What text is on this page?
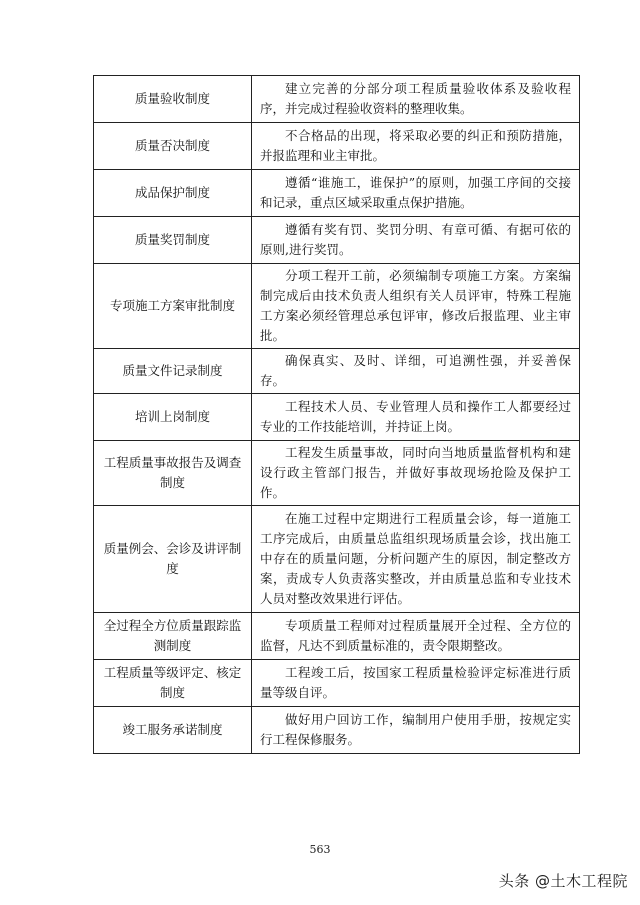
质量验收制度	建立完善的分部分项工程质量验收体系及验收程序，并完成过程验收资料的整理收集。

质量否决制度	不合格品的出现，将采取必要的纠正和预防措施，并报监理和业主审批。

成品保护制度	遵循“谁施工，谁保护”的原则，加强工序间的交接和记录，重点区域采取重点保护措施。

质量奖罚制度	遵循有奖有罚、奖罚分明、有章可循、有据可依的原则,进行奖罚。

专项施工方案审批制度	分项工程开工前，必须编制专项施工方案。方案编制完成后由技术负责人组织有关人员评审，特殊工程施工方案必须经管理总承包评审，修改后报监理、业主审批。

质量文件记录制度	确保真实、及时、详细，可追溯性强，并妥善保存。

培训上岗制度	工程技术人员、专业管理人员和操作工人都要经过专业的工作技能培训，并持证上岗。

工程质量事故报告及调查制度	工程发生质量事故，同时向当地质量监督机构和建设行政主管部门报告，并做好事故现场抢险及保护工作。

质量例会、会诊及讲评制度	在施工过程中定期进行工程质量会诊，每一道施工工序完成后，由质量总监组织现场质量会诊，找出施工中存在的质量问题，分析问题产生的原因，制定整改方案，责成专人负责落实整改，并由质量总监和专业技术人员对整改效果进行评估。

全过程全方位质量跟踪监测制度	专项质量工程师对过程质量展开全过程、全方位的监督，凡达不到质量标准的，责令限期整改。

工程质量等级评定、核定制度	工程竣工后，按国家工程质量检验评定标准进行质量等级自评。

竣工服务承诺制度	做好用户回访工作，编制用户使用手册，按规定实行工程保修服务。
563
头条 @土木工程院
